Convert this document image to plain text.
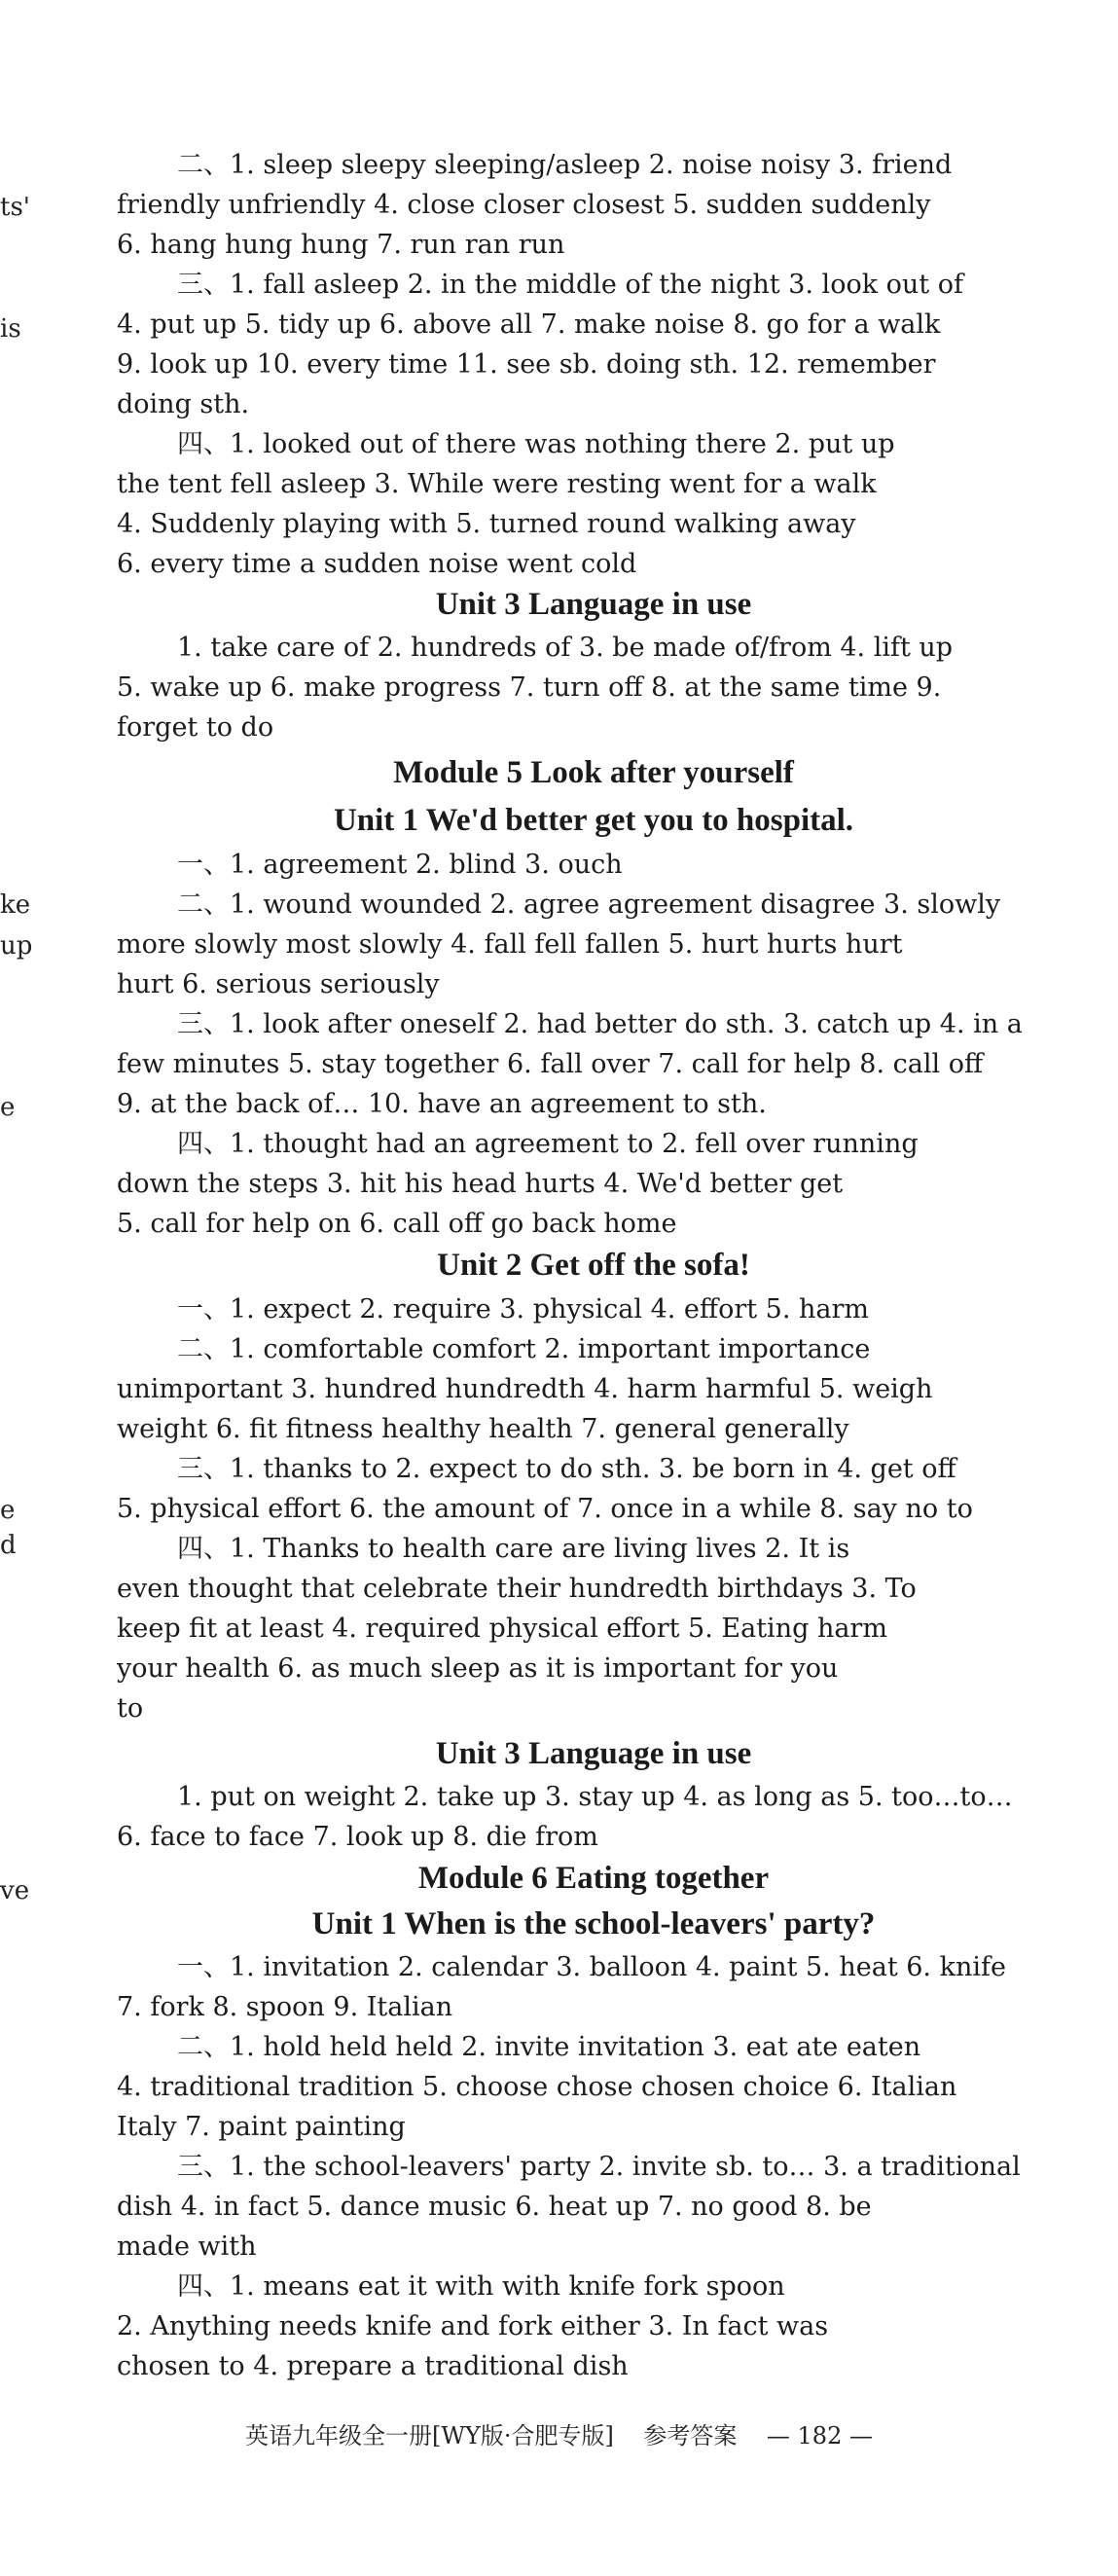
ts'
is
ke
up
e
e
d
ve
二、1. sleep sleepy sleeping/asleep 2. noise noisy 3. friend
friendly unfriendly 4. close closer closest 5. sudden suddenly
6. hang hung hung 7. run ran run
三、1. fall asleep 2. in the middle of the night 3. look out of
4. put up 5. tidy up 6. above all 7. make noise 8. go for a walk
9. look up 10. every time 11. see sb. doing sth. 12. remember
doing sth.
四、1. looked out of there was nothing there 2. put up
the tent fell asleep 3. While were resting went for a walk
4. Suddenly playing with 5. turned round walking away
6. every time a sudden noise went cold
Unit 3 Language in use
1. take care of 2. hundreds of 3. be made of/from 4. lift up
5. wake up 6. make progress 7. turn off 8. at the same time 9.
forget to do
Module 5 Look after yourself
Unit 1 We'd better get you to hospital.
一、1. agreement 2. blind 3. ouch
二、1. wound wounded 2. agree agreement disagree 3. slowly
more slowly most slowly 4. fall fell fallen 5. hurt hurts hurt
hurt 6. serious seriously
三、1. look after oneself 2. had better do sth. 3. catch up 4. in a
few minutes 5. stay together 6. fall over 7. call for help 8. call off
9. at the back of… 10. have an agreement to sth.
四、1. thought had an agreement to 2. fell over running
down the steps 3. hit his head hurts 4. We'd better get
5. call for help on 6. call off go back home
Unit 2 Get off the sofa!
一、1. expect 2. require 3. physical 4. effort 5. harm
二、1. comfortable comfort 2. important importance
unimportant 3. hundred hundredth 4. harm harmful 5. weigh
weight 6. fit fitness healthy health 7. general generally
三、1. thanks to 2. expect to do sth. 3. be born in 4. get off
5. physical effort 6. the amount of 7. once in a while 8. say no to
四、1. Thanks to health care are living lives 2. It is
even thought that celebrate their hundredth birthdays 3. To
keep fit at least 4. required physical effort 5. Eating harm
your health 6. as much sleep as it is important for you
to
Unit 3 Language in use
1. put on weight 2. take up 3. stay up 4. as long as 5. too…to…
6. face to face 7. look up 8. die from
Module 6 Eating together
Unit 1 When is the school-leavers' party?
一、1. invitation 2. calendar 3. balloon 4. paint 5. heat 6. knife
7. fork 8. spoon 9. Italian
二、1. hold held held 2. invite invitation 3. eat ate eaten
4. traditional tradition 5. choose chose chosen choice 6. Italian
Italy 7. paint painting
三、1. the school-leavers' party 2. invite sb. to… 3. a traditional
dish 4. in fact 5. dance music 6. heat up 7. no good 8. be
made with
四、1. means eat it with with knife fork spoon
2. Anything needs knife and fork either 3. In fact was
chosen to 4. prepare a traditional dish
英语九年级全一册[WY版·合肥专版] 参考答案 — 182 —
